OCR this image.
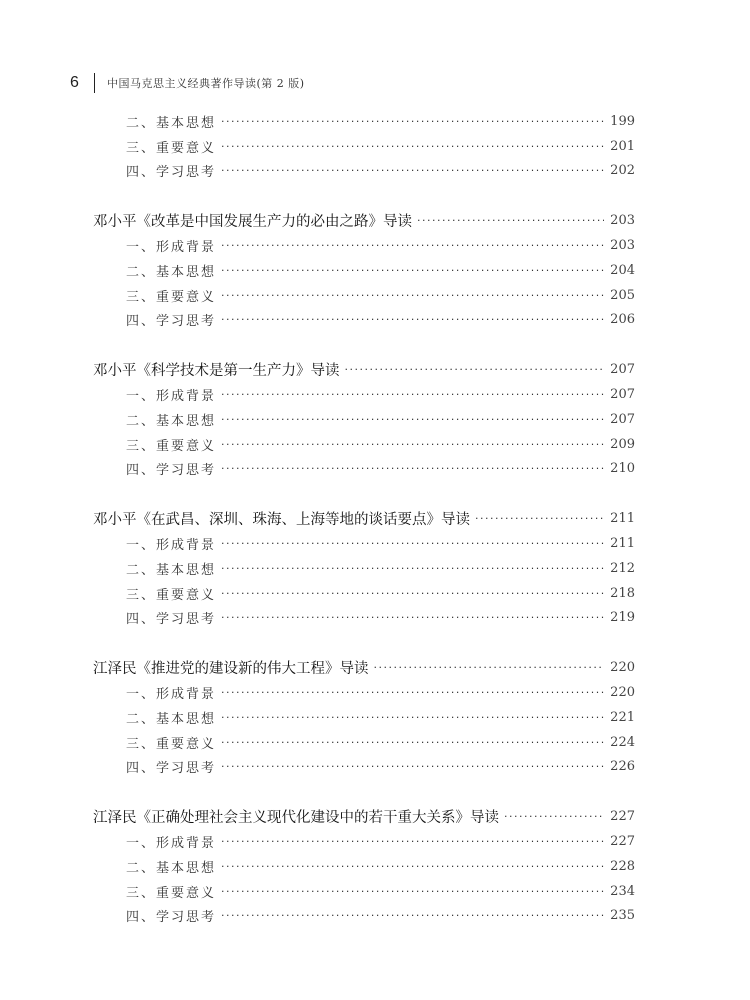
6	中国马克思主义经典著作导读(第 2 版)
二、基本思想 ·····	199
三、重要意义 ·····	201
四、学习思考 ·····	202
邓小平《改革是中国发展生产力的必由之路》导读 ·····	203
一、形成背景 ·····	203
二、基本思想 ·····	204
三、重要意义 ·····	205
四、学习思考 ·····	206
邓小平《科学技术是第一生产力》导读 ·····	207
一、形成背景 ·····	207
二、基本思想 ·····	207
三、重要意义 ·····	209
四、学习思考 ·····	210
邓小平《在武昌、深圳、珠海、上海等地的谈话要点》导读 ·····	211
一、形成背景 ·····	211
二、基本思想 ·····	212
三、重要意义 ·····	218
四、学习思考 ·····	219
江泽民《推进党的建设新的伟大工程》导读 ·····	220
一、形成背景 ·····	220
二、基本思想 ·····	221
三、重要意义 ·····	224
四、学习思考 ·····	226
江泽民《正确处理社会主义现代化建设中的若干重大关系》导读 ·····	227
一、形成背景 ·····	227
二、基本思想 ·····	228
三、重要意义 ·····	234
四、学习思考 ·····	235
